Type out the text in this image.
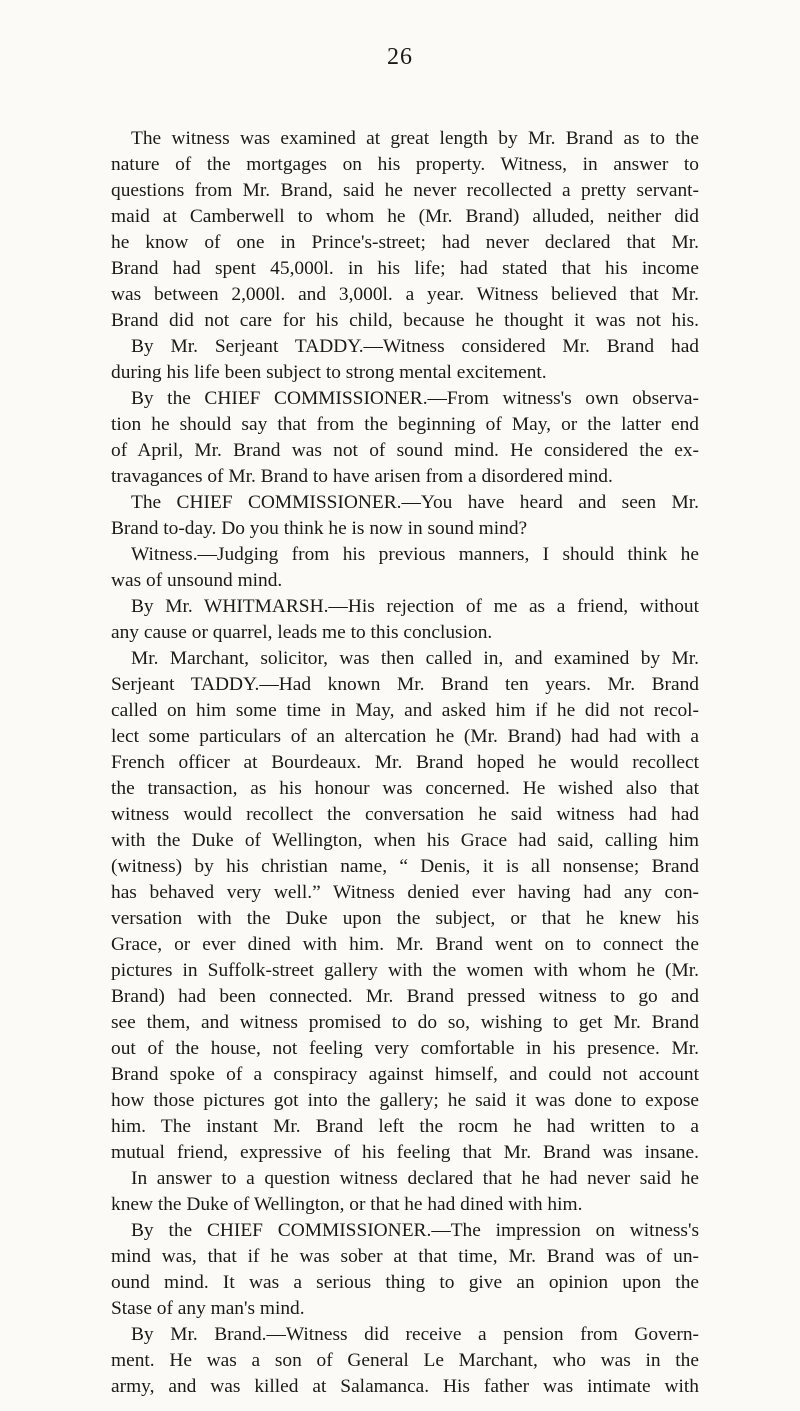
26
The witness was examined at great length by Mr. Brand as to the
nature of the mortgages on his property. Witness, in answer to
questions from Mr. Brand, said he never recollected a pretty servant-
maid at Camberwell to whom he (Mr. Brand) alluded, neither did
he know of one in Prince's-street; had never declared that Mr.
Brand had spent 45,000l. in his life; had stated that his income
was between 2,000l. and 3,000l. a year. Witness believed that Mr.
Brand did not care for his child, because he thought it was not his.
By Mr. Serjeant TADDY.—Witness considered Mr. Brand had
during his life been subject to strong mental excitement.
By the CHIEF COMMISSIONER.—From witness's own observa-
tion he should say that from the beginning of May, or the latter end
of April, Mr. Brand was not of sound mind. He considered the ex-
travagances of Mr. Brand to have arisen from a disordered mind.
The CHIEF COMMISSIONER.—You have heard and seen Mr.
Brand to-day. Do you think he is now in sound mind?
Witness.—Judging from his previous manners, I should think he
was of unsound mind.
By Mr. WHITMARSH.—His rejection of me as a friend, without
any cause or quarrel, leads me to this conclusion.
Mr. Marchant, solicitor, was then called in, and examined by Mr.
Serjeant TADDY.—Had known Mr. Brand ten years. Mr. Brand
called on him some time in May, and asked him if he did not recol-
lect some particulars of an altercation he (Mr. Brand) had had with a
French officer at Bourdeaux. Mr. Brand hoped he would recollect
the transaction, as his honour was concerned. He wished also that
witness would recollect the conversation he said witness had had
with the Duke of Wellington, when his Grace had said, calling him
(witness) by his christian name, “ Denis, it is all nonsense; Brand
has behaved very well.” Witness denied ever having had any con-
versation with the Duke upon the subject, or that he knew his
Grace, or ever dined with him. Mr. Brand went on to connect the
pictures in Suffolk-street gallery with the women with whom he (Mr.
Brand) had been connected. Mr. Brand pressed witness to go and
see them, and witness promised to do so, wishing to get Mr. Brand
out of the house, not feeling very comfortable in his presence. Mr.
Brand spoke of a conspiracy against himself, and could not account
how those pictures got into the gallery; he said it was done to expose
him. The instant Mr. Brand left the rocm he had written to a
mutual friend, expressive of his feeling that Mr. Brand was insane.
In answer to a question witness declared that he had never said he
knew the Duke of Wellington, or that he had dined with him.
By the CHIEF COMMISSIONER.—The impression on witness's
mind was, that if he was sober at that time, Mr. Brand was of un-
ound mind. It was a serious thing to give an opinion upon the
Stase of any man's mind.
By Mr. Brand.—Witness did receive a pension from Govern-
ment. He was a son of General Le Marchant, who was in the
army, and was killed at Salamanca. His father was intimate with
